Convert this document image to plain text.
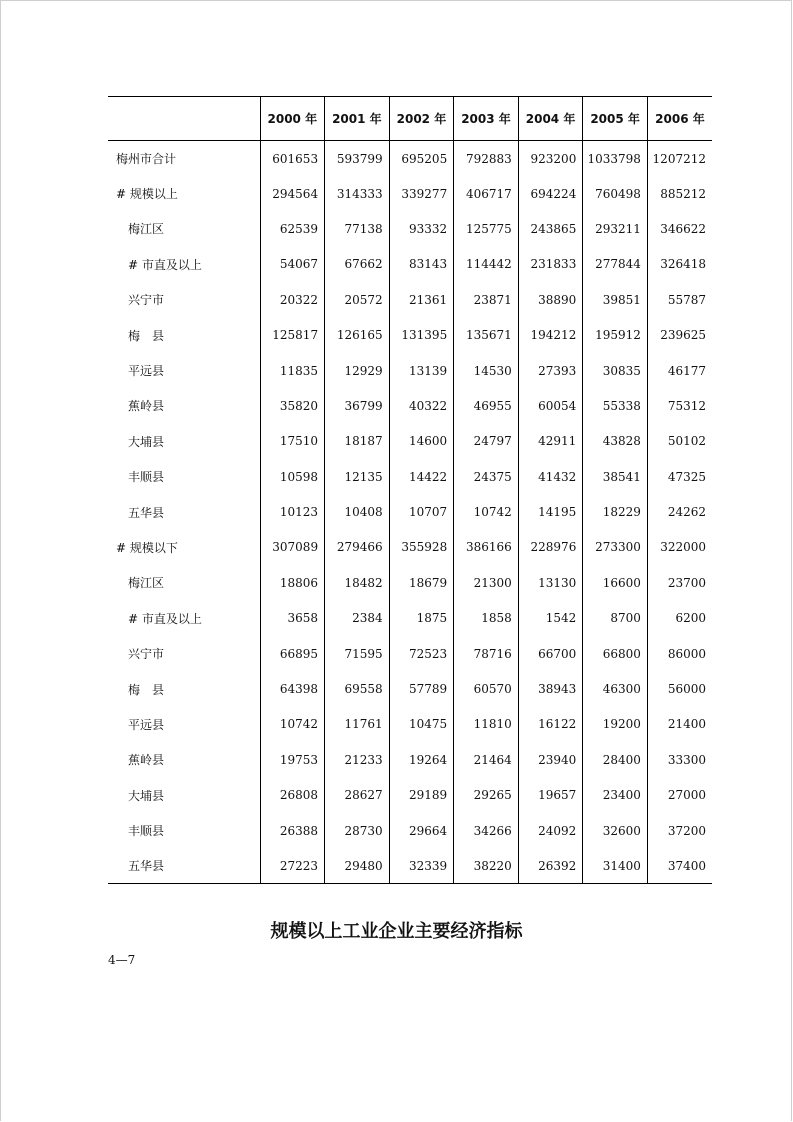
	2000 年	2001 年	2002 年	2003 年	2004 年	2005 年	2006 年
梅州市合计	601653	593799	695205	792883	923200	1033798	1207212
# 规模以上	294564	314333	339277	406717	694224	760498	885212
梅江区	62539	77138	93332	125775	243865	293211	346622
# 市直及以上	54067	67662	83143	114442	231833	277844	326418
兴宁市	20322	20572	21361	23871	38890	39851	55787
梅　县	125817	126165	131395	135671	194212	195912	239625
平远县	11835	12929	13139	14530	27393	30835	46177
蕉岭县	35820	36799	40322	46955	60054	55338	75312
大埔县	17510	18187	14600	24797	42911	43828	50102
丰顺县	10598	12135	14422	24375	41432	38541	47325
五华县	10123	10408	10707	10742	14195	18229	24262
# 规模以下	307089	279466	355928	386166	228976	273300	322000
梅江区	18806	18482	18679	21300	13130	16600	23700
# 市直及以上	3658	2384	1875	1858	1542	8700	6200
兴宁市	66895	71595	72523	78716	66700	66800	86000
梅　县	64398	69558	57789	60570	38943	46300	56000
平远县	10742	11761	10475	11810	16122	19200	21400
蕉岭县	19753	21233	19264	21464	23940	28400	33300
大埔县	26808	28627	29189	29265	19657	23400	27000
丰顺县	26388	28730	29664	34266	24092	32600	37200
五华县	27223	29480	32339	38220	26392	31400	37400
规模以上工业企业主要经济指标
4—7
